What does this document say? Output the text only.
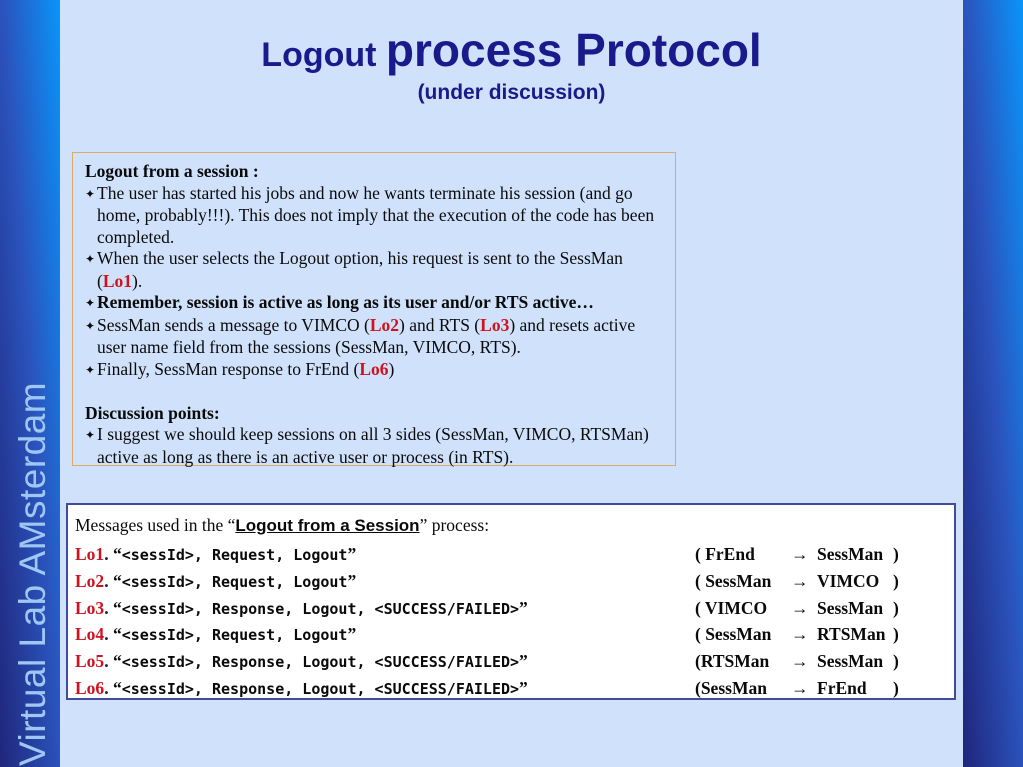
Virtual Lab AMsterdam
Logout process Protocol
(under discussion)
Logout from a session :
✦ The user has started his jobs and now he wants terminate his session (and go home, probably!!!). This does not imply that the execution of the code has been completed.
✦ When the user selects the Logout option, his request is sent to the SessMan (Lo1).
✦ Remember, session is active as long as its user and/or RTS active…
✦ SessMan sends a message to VIMCO (Lo2) and RTS (Lo3) and resets active user name field from the sessions (SessMan, VIMCO, RTS).
✦ Finally, SessMan response to FrEnd (Lo6)
Discussion points:
✦ I suggest we should keep sessions on all 3 sides (SessMan, VIMCO, RTSMan) active as long as there is an active user or process (in RTS).
Messages used in the “Logout from a Session” process:
Lo1. “<sessId>, Request, Logout”	( FrEnd → SessMan )
Lo2. “<sessId>, Request, Logout”	( SessMan → VIMCO )
Lo3. “<sessId>, Response, Logout, <SUCCESS/FAILED>”	( VIMCO → SessMan )
Lo4. “<sessId>, Request, Logout”	( SessMan → RTSMan )
Lo5. “<sessId>, Response, Logout, <SUCCESS/FAILED>”	(RTSMan → SessMan )
Lo6. “<sessId>, Response, Logout, <SUCCESS/FAILED>”	(SessMan → FrEnd )
